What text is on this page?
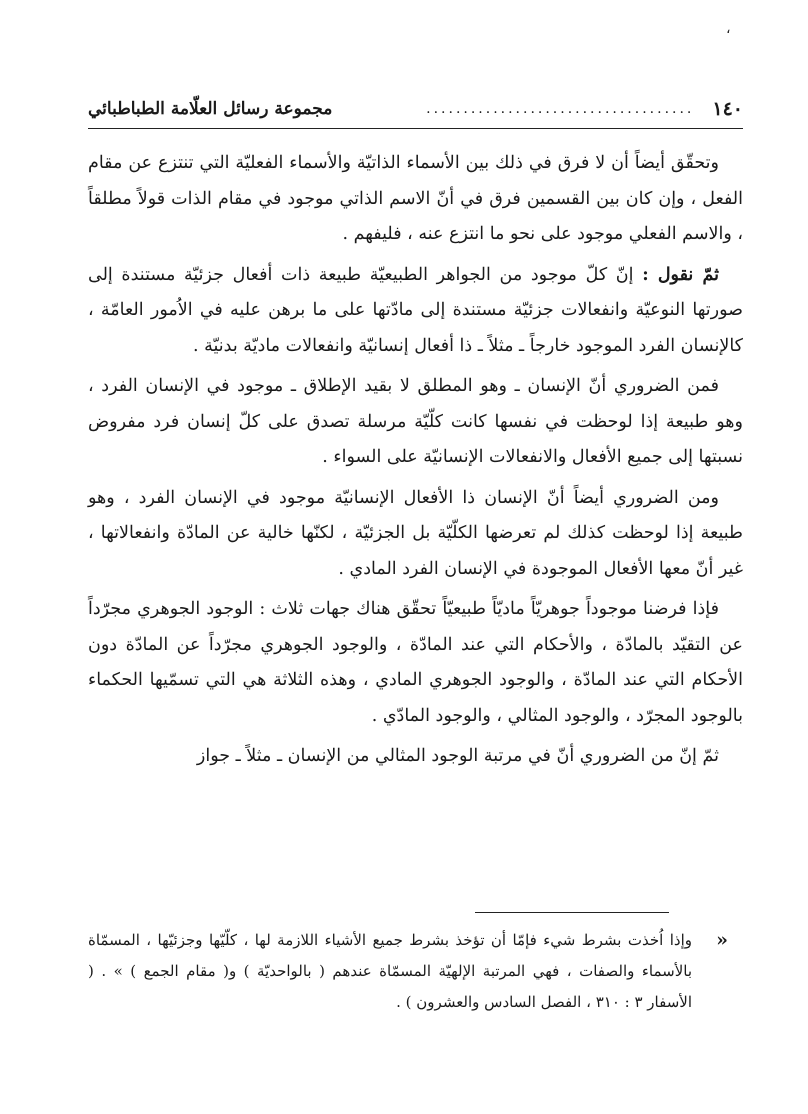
،
١٤٠
....................................
مجموعة رسائل العلّامة الطباطبائي

وتحقّق أيضاً أن لا فرق في ذلك بين الأسماء الذاتيّة والأسماء الفعليّة التي تنتزع عن مقام الفعل ، وإن كان بين القسمين فرق في أنّ الاسم الذاتي موجود في مقام الذات قولاً مطلقاً ، والاسم الفعلي موجود على نحو ما انتزع عنه ، فليفهم .

ثمّ نقول : إنّ كلّ موجود من الجواهر الطبيعيّة طبيعة ذات أفعال جزئيّة مستندة إلى صورتها النوعيّة وانفعالات جزئيّة مستندة إلى مادّتها على ما برهن عليه في الاُمور العامّة ، كالإنسان الفرد الموجود خارجاً ـ مثلاً ـ ذا أفعال إنسانيّة وانفعالات ماديّة بدنيّة .

فمن الضروري أنّ الإنسان ـ وهو المطلق لا بقيد الإطلاق ـ موجود في الإنسان الفرد ، وهو طبيعة إذا لوحظت في نفسها كانت كلّيّة مرسلة تصدق على كلّ إنسان فرد مفروض نسبتها إلى جميع الأفعال والانفعالات الإنسانيّة على السواء .

ومن الضروري أيضاً أنّ الإنسان ذا الأفعال الإنسانيّة موجود في الإنسان الفرد ، وهو طبيعة إذا لوحظت كذلك لم تعرضها الكلّيّة بل الجزئيّة ، لكنّها خالية عن المادّة وانفعالاتها ، غير أنّ معها الأفعال الموجودة في الإنسان الفرد المادي .

فإذا فرضنا موجوداً جوهريّاً ماديّاً طبيعيّاً تحقّق هناك جهات ثلاث : الوجود الجوهري مجرّداً عن التقيّد بالمادّة ، والأحكام التي عند المادّة ، والوجود الجوهري مجرّداً عن المادّة دون الأحكام التي عند المادّة ، والوجود الجوهري المادي ، وهذه الثلاثة هي التي تسمّيها الحكماء بالوجود المجرّد ، والوجود المثالي ، والوجود المادّي .

ثمّ إنّ من الضروري أنّ في مرتبة الوجود المثالي من الإنسان ـ مثلاً ـ جواز

«

وإذا اُخذت بشرط شيء فإمّا أن تؤخذ بشرط جميع الأشياء اللازمة لها ، كلّيّها وجزئيّها ، المسمّاة بالأسماء والصفات ، فهي المرتبة الإلهيّة المسمّاة عندهم ( بالواحديّة ) و( مقام الجمع ) » . ( الأسفار ٣ : ٣١٠ ، الفصل السادس والعشرون ) .
